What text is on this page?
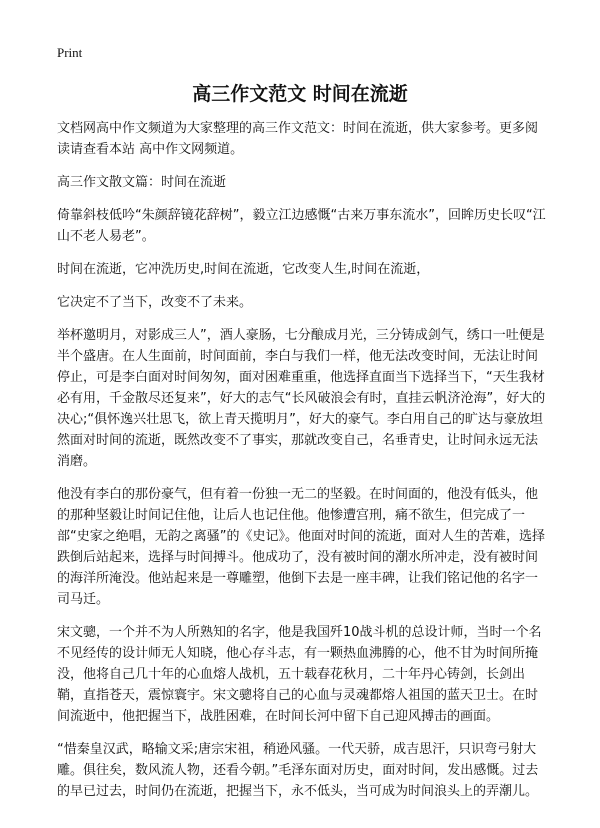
Print
高三作文范文 时间在流逝

文档网高中作文频道为大家整理的高三作文范文：时间在流逝，供大家参考。更多阅读请查看本站 高中作文网频道。

高三作文散文篇：时间在流逝

倚靠斜枝低吟“朱颜辞镜花辞树”，毅立江边感慨“古来万事东流水”，回眸历史长叹“江山不老人易老”。

时间在流逝，它冲洗历史,时间在流逝，它改变人生,时间在流逝，

它决定不了当下，改变不了未来。

举杯邀明月，对影成三人”，酒人豪肠，七分酿成月光，三分铸成剑气，绣口一吐便是半个盛唐。在人生面前，时间面前，李白与我们一样，他无法改变时间，无法让时间停止，可是李白面对时间匆匆，面对困难重重，他选择直面当下选择当下，“天生我材必有用，千金散尽还复来”，好大的志气“长风破浪会有时，直挂云帆济沧海”，好大的决心;“俱怀逸兴壮思飞，欲上青天揽明月”，好大的豪气。李白用自己的旷达与豪放坦然面对时间的流逝，既然改变不了事实，那就改变自己，名垂青史，让时间永远无法消磨。

他没有李白的那份豪气，但有着一份独一无二的坚毅。在时间面的，他没有低头，他的那种坚毅让时间记住他，让后人也记住他。他惨遭宫刑，痛不欲生，但完成了一部“史家之绝唱，无韵之离骚”的《史记》。他面对时间的流逝，面对人生的苦难，选择跌倒后站起来，选择与时间搏斗。他成功了，没有被时间的潮水所冲走，没有被时间的海洋所淹没。他站起来是一尊雕塑，他倒下去是一座丰碑，让我们铭记他的名字一司马迁。

宋文骢，一个并不为人所熟知的名字，他是我国歼10战斗机的总设计师，当时一个名不见经传的设计师无人知晓，他心存斗志，有一颗热血沸腾的心，他不甘为时间所掩没，他将自己几十年的心血熔人战机，五十载春花秋月，二十年丹心铸剑，长剑出鞘，直指苍天，震惊寰宇。宋文骢将自己的心血与灵魂都熔人祖国的蓝天卫士。在时间流逝中，他把握当下，战胜困难，在时间长河中留下自己迎风搏击的画面。

“惜秦皇汉武，略输文采;唐宗宋祖，稍逊风骚。一代天骄，成吉思汗，只识弯弓射大雕。俱往矣，数风流人物，还看今朝。”毛泽东面对历史，面对时间，发出感慨。过去的早已过去，时间仍在流逝，把握当下，永不低头，当可成为时间浪头上的弄潮儿。
